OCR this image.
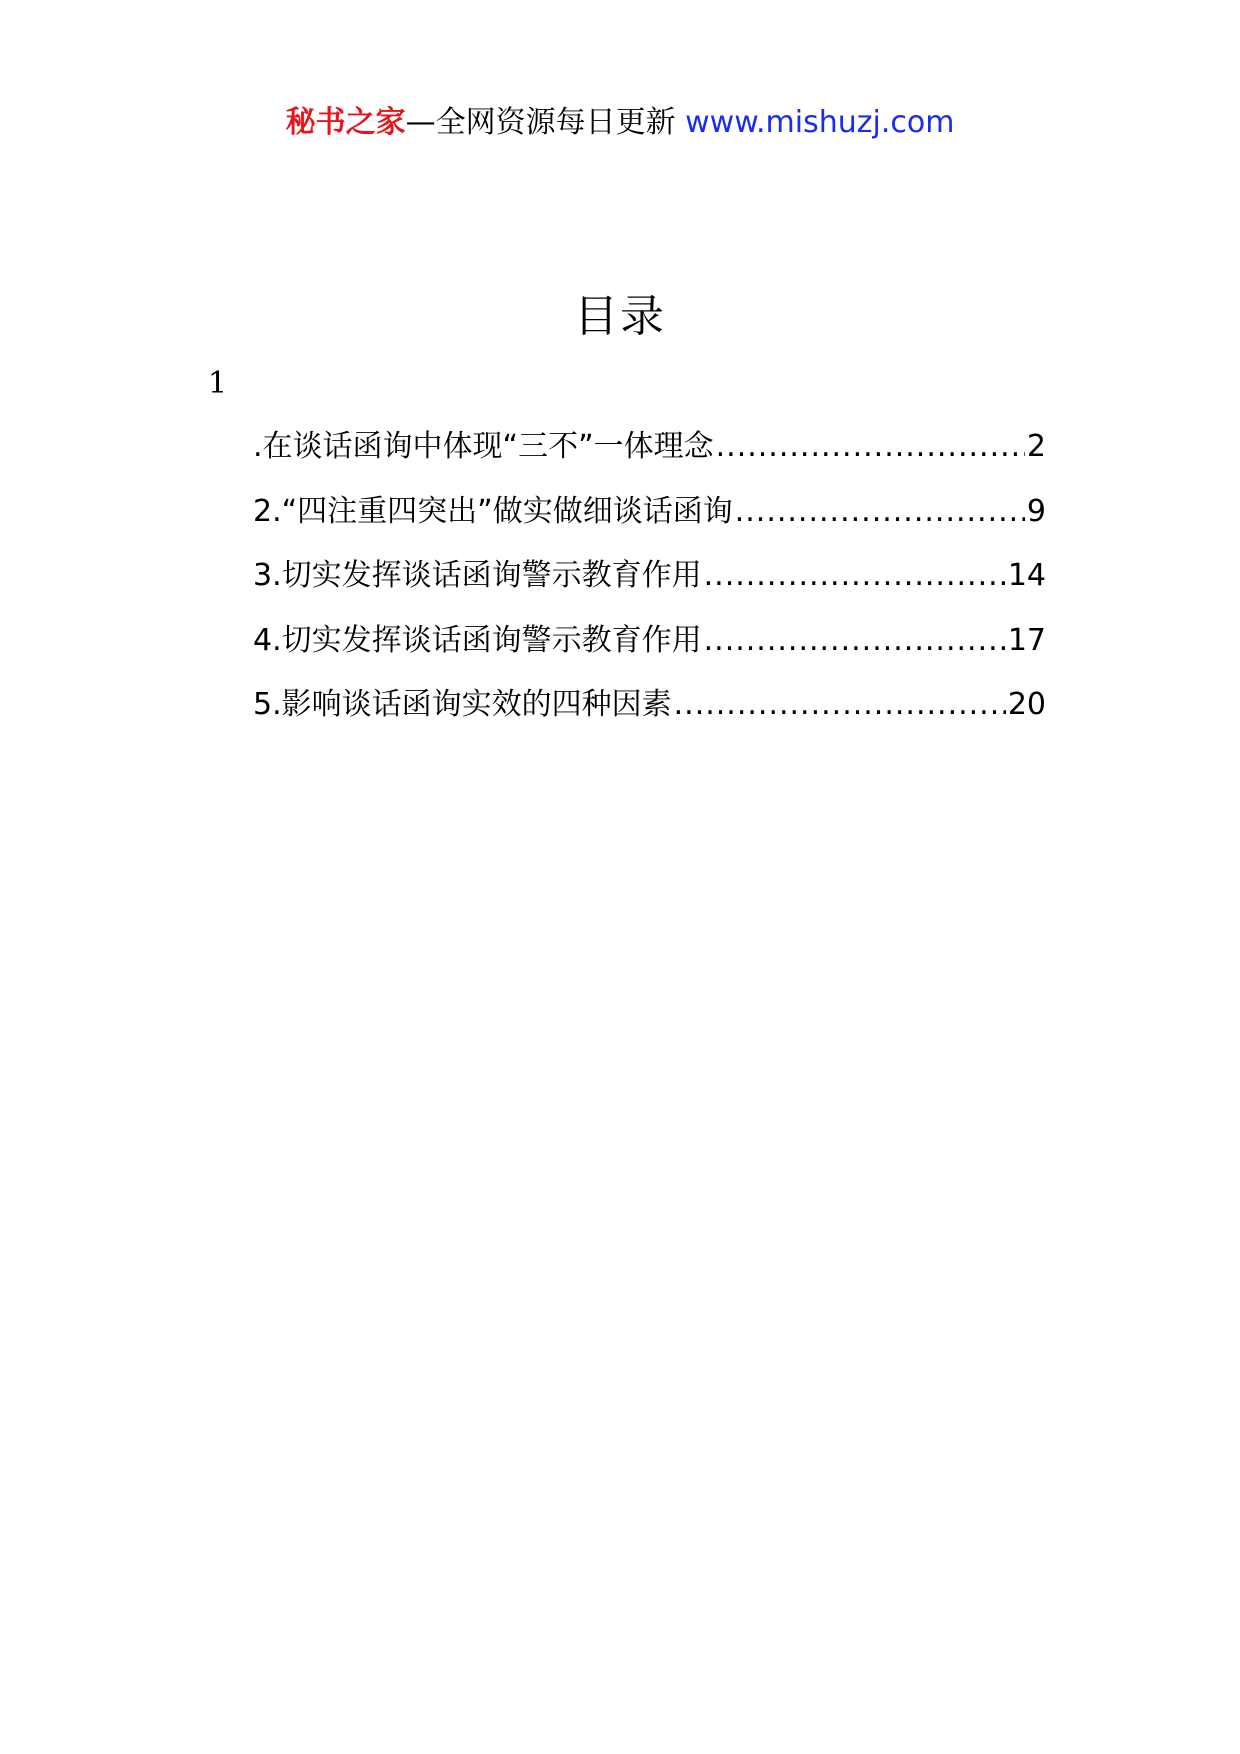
秘书之家—全网资源每日更新 www.mishuzj.com
目录
1
.在谈话函询中体现“三不”一体理念 .....	2
2.“四注重四突出”做实做细谈话函询 .....	9
3.切实发挥谈话函询警示教育作用 .....	14
4.切实发挥谈话函询警示教育作用 .....	17
5.影响谈话函询实效的四种因素 .....	20
